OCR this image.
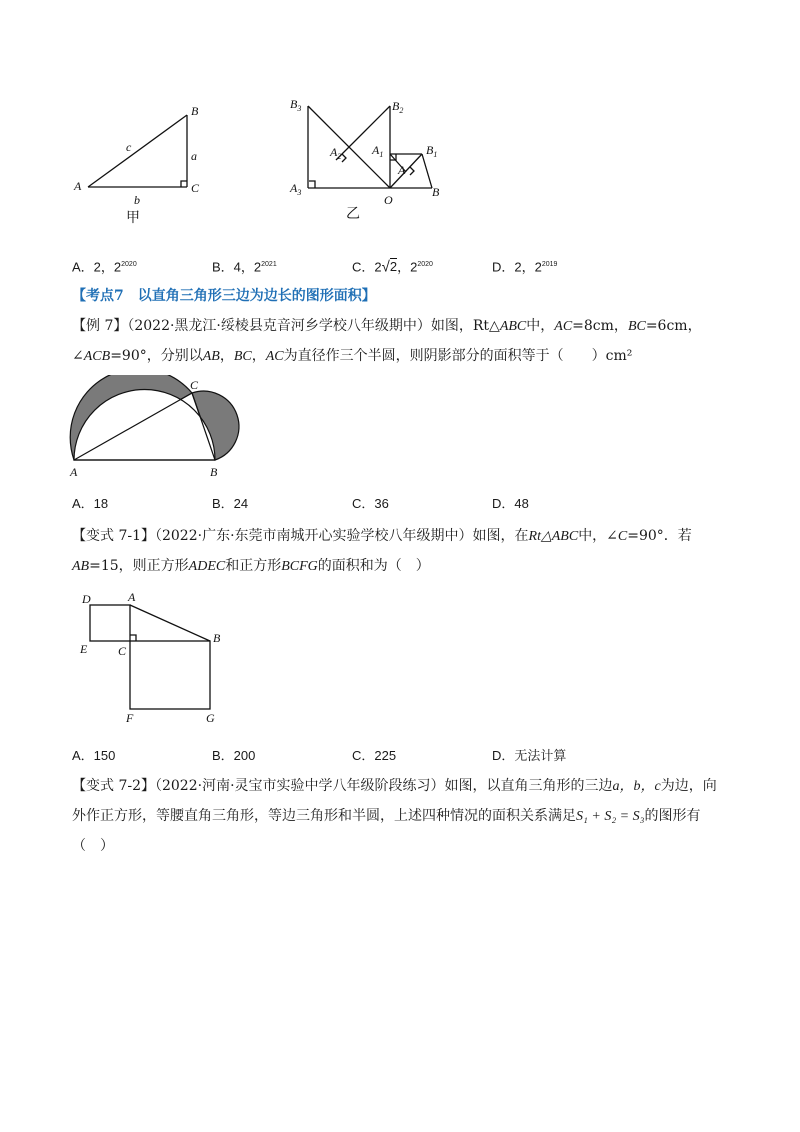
B
a
c
A	C
b
甲
$B_3$	$B_2$
$A_2$	$A_1$	$B_1$
A
$A_3$
O
B
乙
A．2，$2^{2020}$	B．4，$2^{2021}$	C．2√2，$2^{2020}$	D．2，$2^{2019}$
【考点7　以直角三角形三边为边长的图形面积】
【例 7】（2022·黑龙江·绥棱县克音河乡学校八年级期中）如图，Rt△ABC中，AC=8cm，BC=6cm，
∠ACB=90°，分别以AB，BC，AC为直径作三个半圆，则阴影部分的面积等于（　　）cm²
C
A	B
A．18	B．24	C．36	D．48
【变式 7-1】（2022·广东·东莞市南城开心实验学校八年级期中）如图，在Rt△ABC中，∠C=90°．若
AB=15，则正方形ADEC和正方形BCFG的面积和为（　）
D	A
B
E	C
F	G
A．150	B．200	C．225	D．无法计算
【变式 7-2】（2022·河南·灵宝市实验中学八年级阶段练习）如图，以直角三角形的三边a，b，c为边，向
外作正方形，等腰直角三角形，等边三角形和半圆，上述四种情况的面积关系满足S₁ + S₂ = S₃的图形有
（　）
